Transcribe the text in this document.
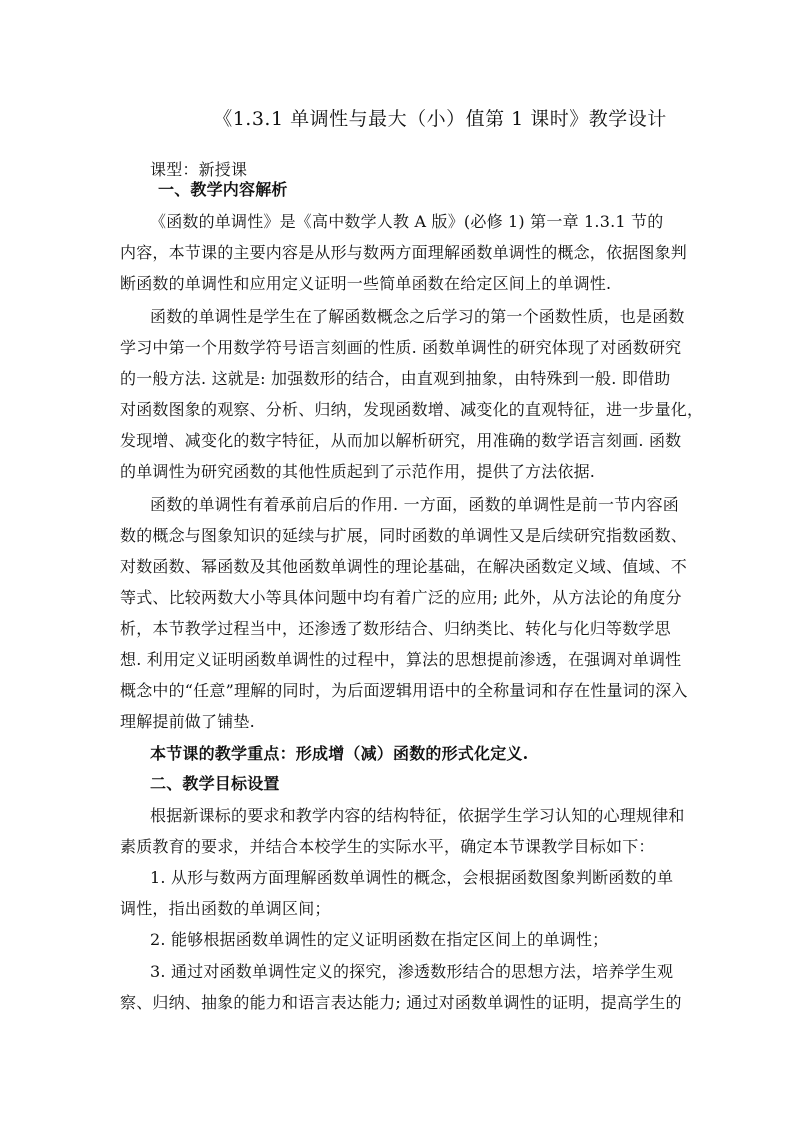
《1.3.1 单调性与最大（小）值第 1 课时》教学设计
课型：新授课
一、教学内容解析
《函数的单调性》是《高中数学人教 A 版》(必修 1) 第一章 1.3.1 节的
内容，本节课的主要内容是从形与数两方面理解函数单调性的概念，依据图象判
断函数的单调性和应用定义证明一些简单函数在给定区间上的单调性.
函数的单调性是学生在了解函数概念之后学习的第一个函数性质，也是函数
学习中第一个用数学符号语言刻画的性质. 函数单调性的研究体现了对函数研究
的一般方法. 这就是: 加强数形的结合，由直观到抽象，由特殊到一般. 即借助
对函数图象的观察、分析、归纳，发现函数增、减变化的直观特征，进一步量化，
发现增、减变化的数字特征，从而加以解析研究，用准确的数学语言刻画. 函数
的单调性为研究函数的其他性质起到了示范作用，提供了方法依据.
函数的单调性有着承前启后的作用. 一方面，函数的单调性是前一节内容函
数的概念与图象知识的延续与扩展，同时函数的单调性又是后续研究指数函数、
对数函数、幂函数及其他函数单调性的理论基础，在解决函数定义域、值域、不
等式、比较两数大小等具体问题中均有着广泛的应用; 此外，从方法论的角度分
析，本节教学过程当中，还渗透了数形结合、归纳类比、转化与化归等数学思
想. 利用定义证明函数单调性的过程中，算法的思想提前渗透，在强调对单调性
概念中的“任意”理解的同时，为后面逻辑用语中的全称量词和存在性量词的深入
理解提前做了铺垫.
本节课的教学重点：形成增（减）函数的形式化定义.
二、教学目标设置
根据新课标的要求和教学内容的结构特征，依据学生学习认知的心理规律和
素质教育的要求，并结合本校学生的实际水平，确定本节课教学目标如下：
1. 从形与数两方面理解函数单调性的概念，会根据函数图象判断函数的单
调性，指出函数的单调区间；
2. 能够根据函数单调性的定义证明函数在指定区间上的单调性；
3. 通过对函数单调性定义的探究，渗透数形结合的思想方法，培养学生观
察、归纳、抽象的能力和语言表达能力; 通过对函数单调性的证明，提高学生的
